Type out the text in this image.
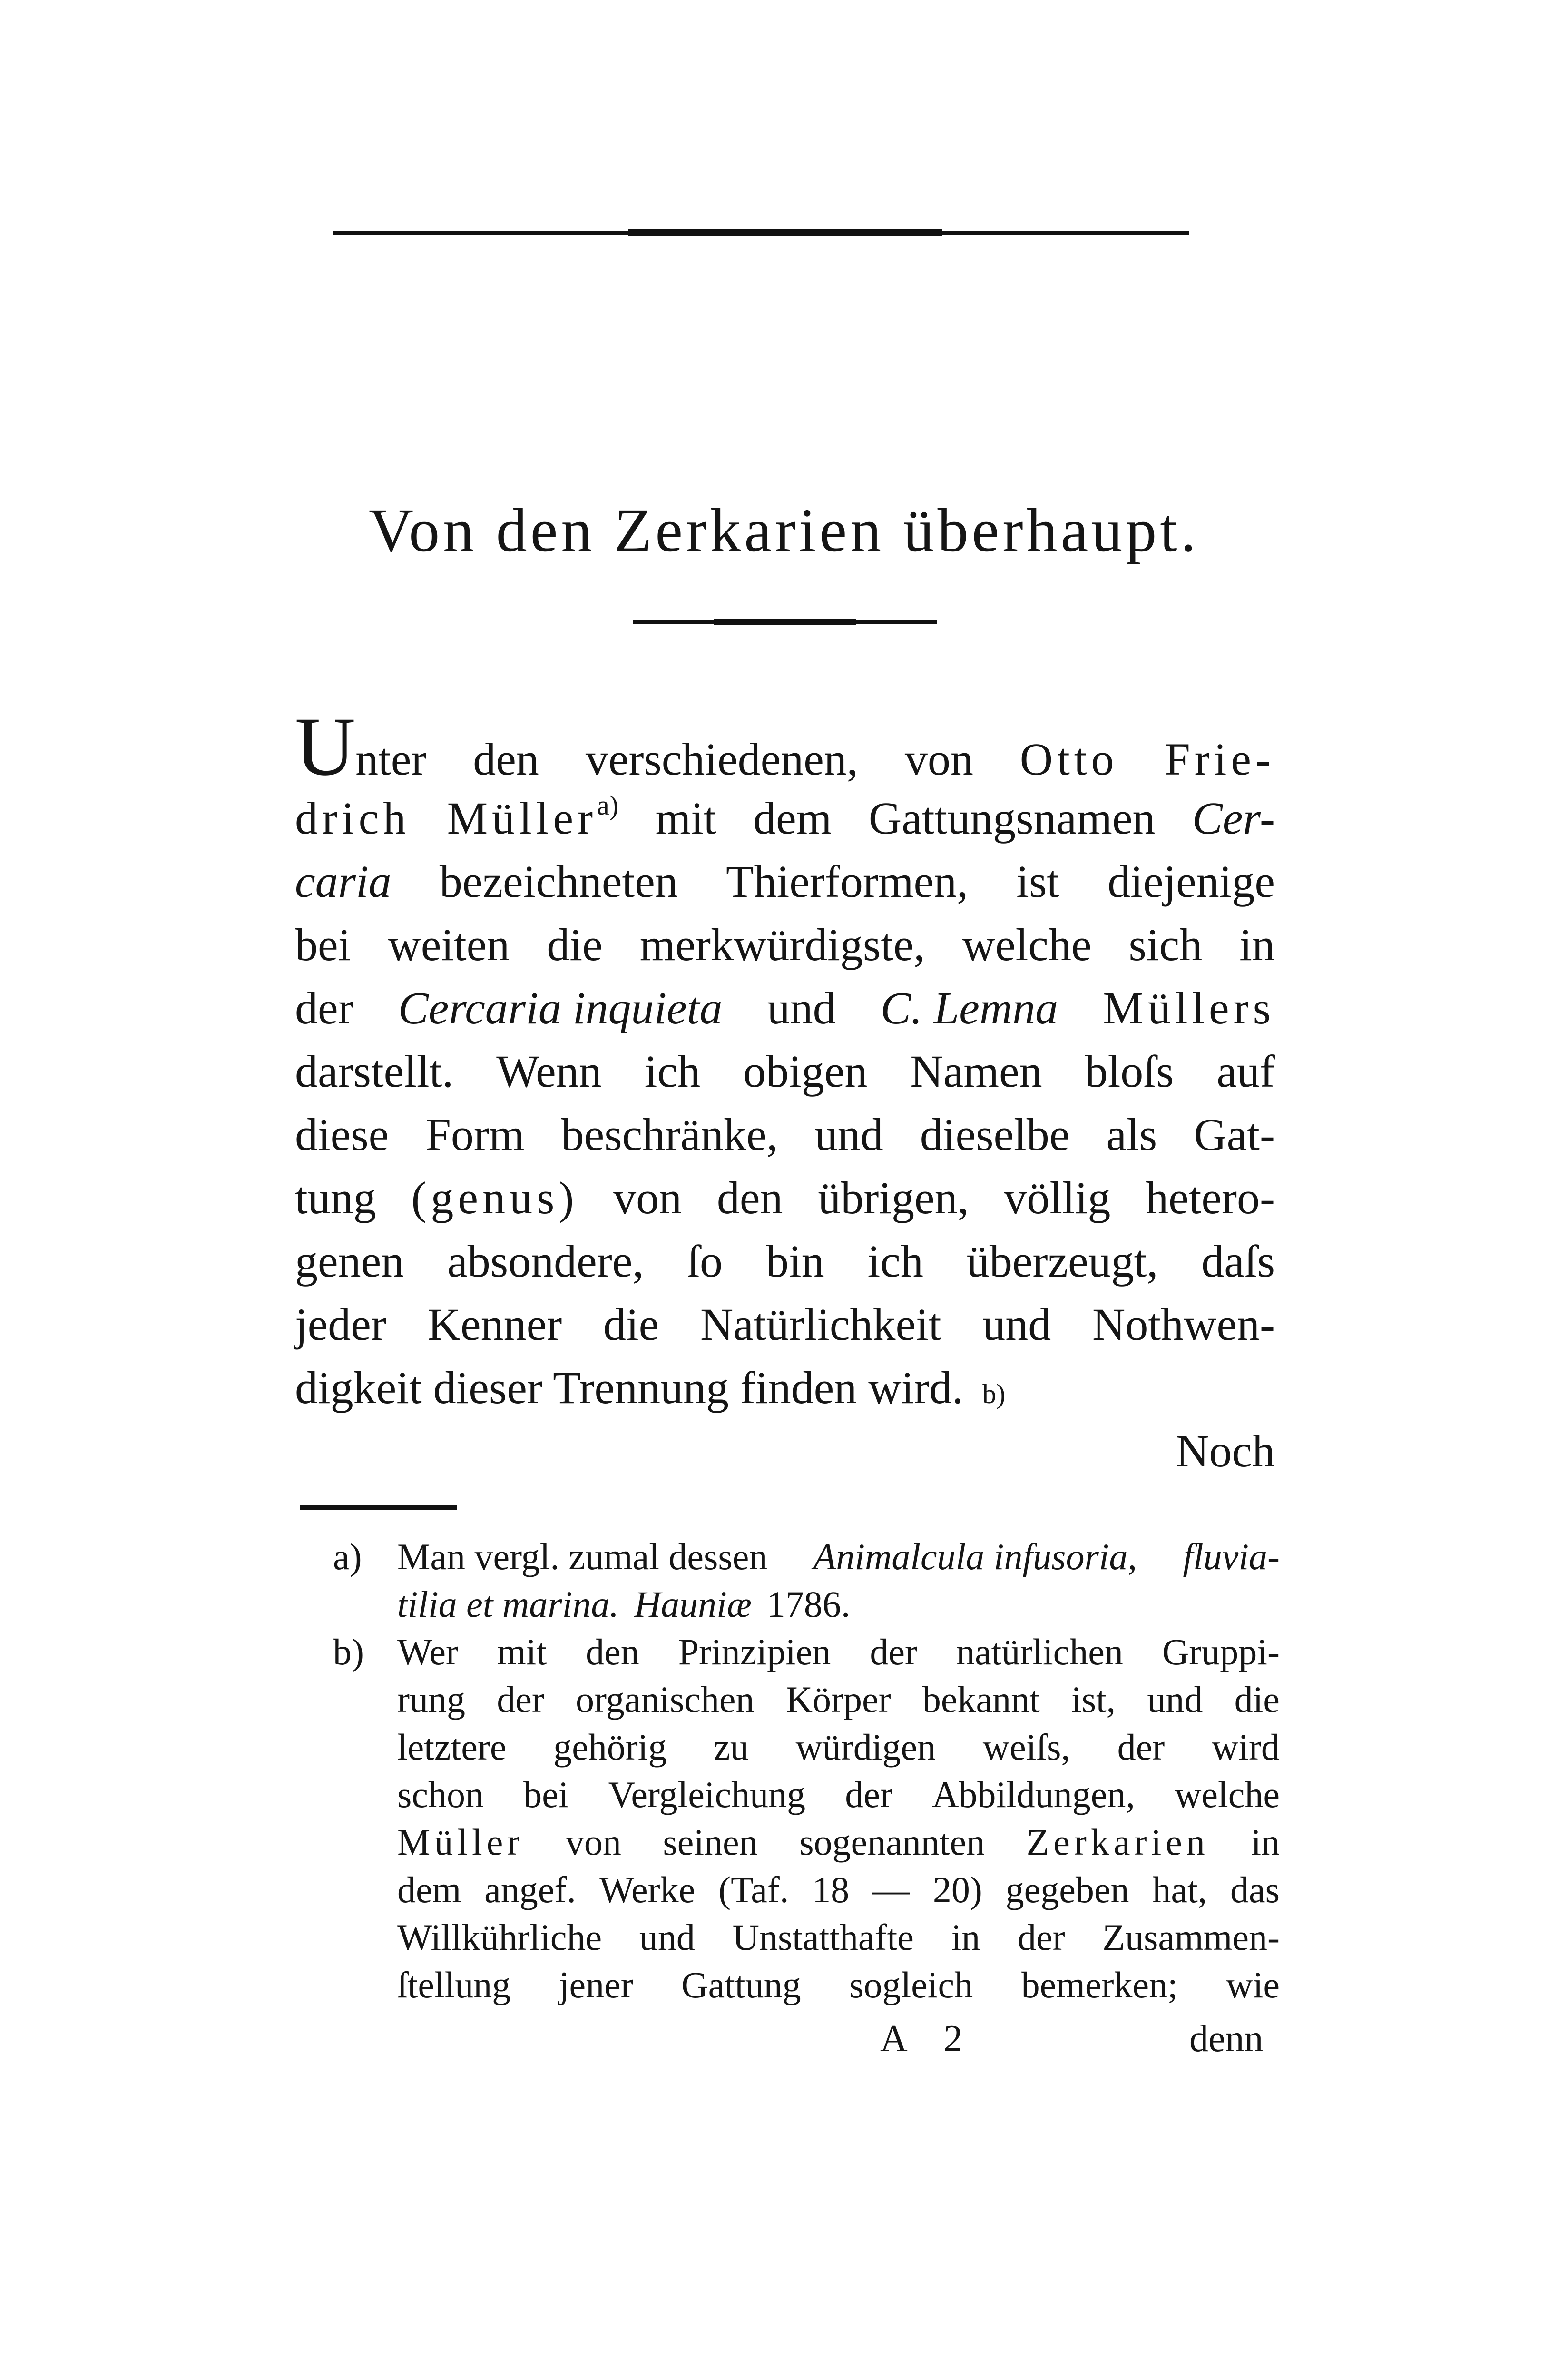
Von den Zerkarien überhaupt.
U nter den verschiedenen, von Otto Frie-
drich Müller$^{a)}$ mit dem Gattungsnamen Cer-
caria bezeichneten Thierformen, ist diejenige
bei weiten die merkwürdigste, welche sich in
der Cercaria inquieta und C. Lemna Müllers
darstellt. Wenn ich obigen Namen bloſs auf
diese Form beschränke, und dieselbe als Gat-
tung (genus) von den übrigen, völlig hetero-
genen absondere, ſo bin ich überzeugt, daſs
jeder Kenner die Natürlichkeit und Nothwen-
digkeit dieser Trennung finden wird. b)
Noch
a) Man vergl. zumal dessen Animalcula infusoria, fluvia-
tilia et marina. Hauniæ 1786.
b) Wer mit den Prinzipien der natürlichen Gruppi-
rung der organischen Körper bekannt ist, und die
letztere gehörig zu würdigen weiſs, der wird
schon bei Vergleichung der Abbildungen, welche
Müller von seinen sogenannten Zerkarien in
dem angef. Werke (Taf. 18 — 20) gegeben hat, das
Willkührliche und Unstatthafte in der Zusammen-
ſtellung jener Gattung sogleich bemerken; wie
A 2	denn
